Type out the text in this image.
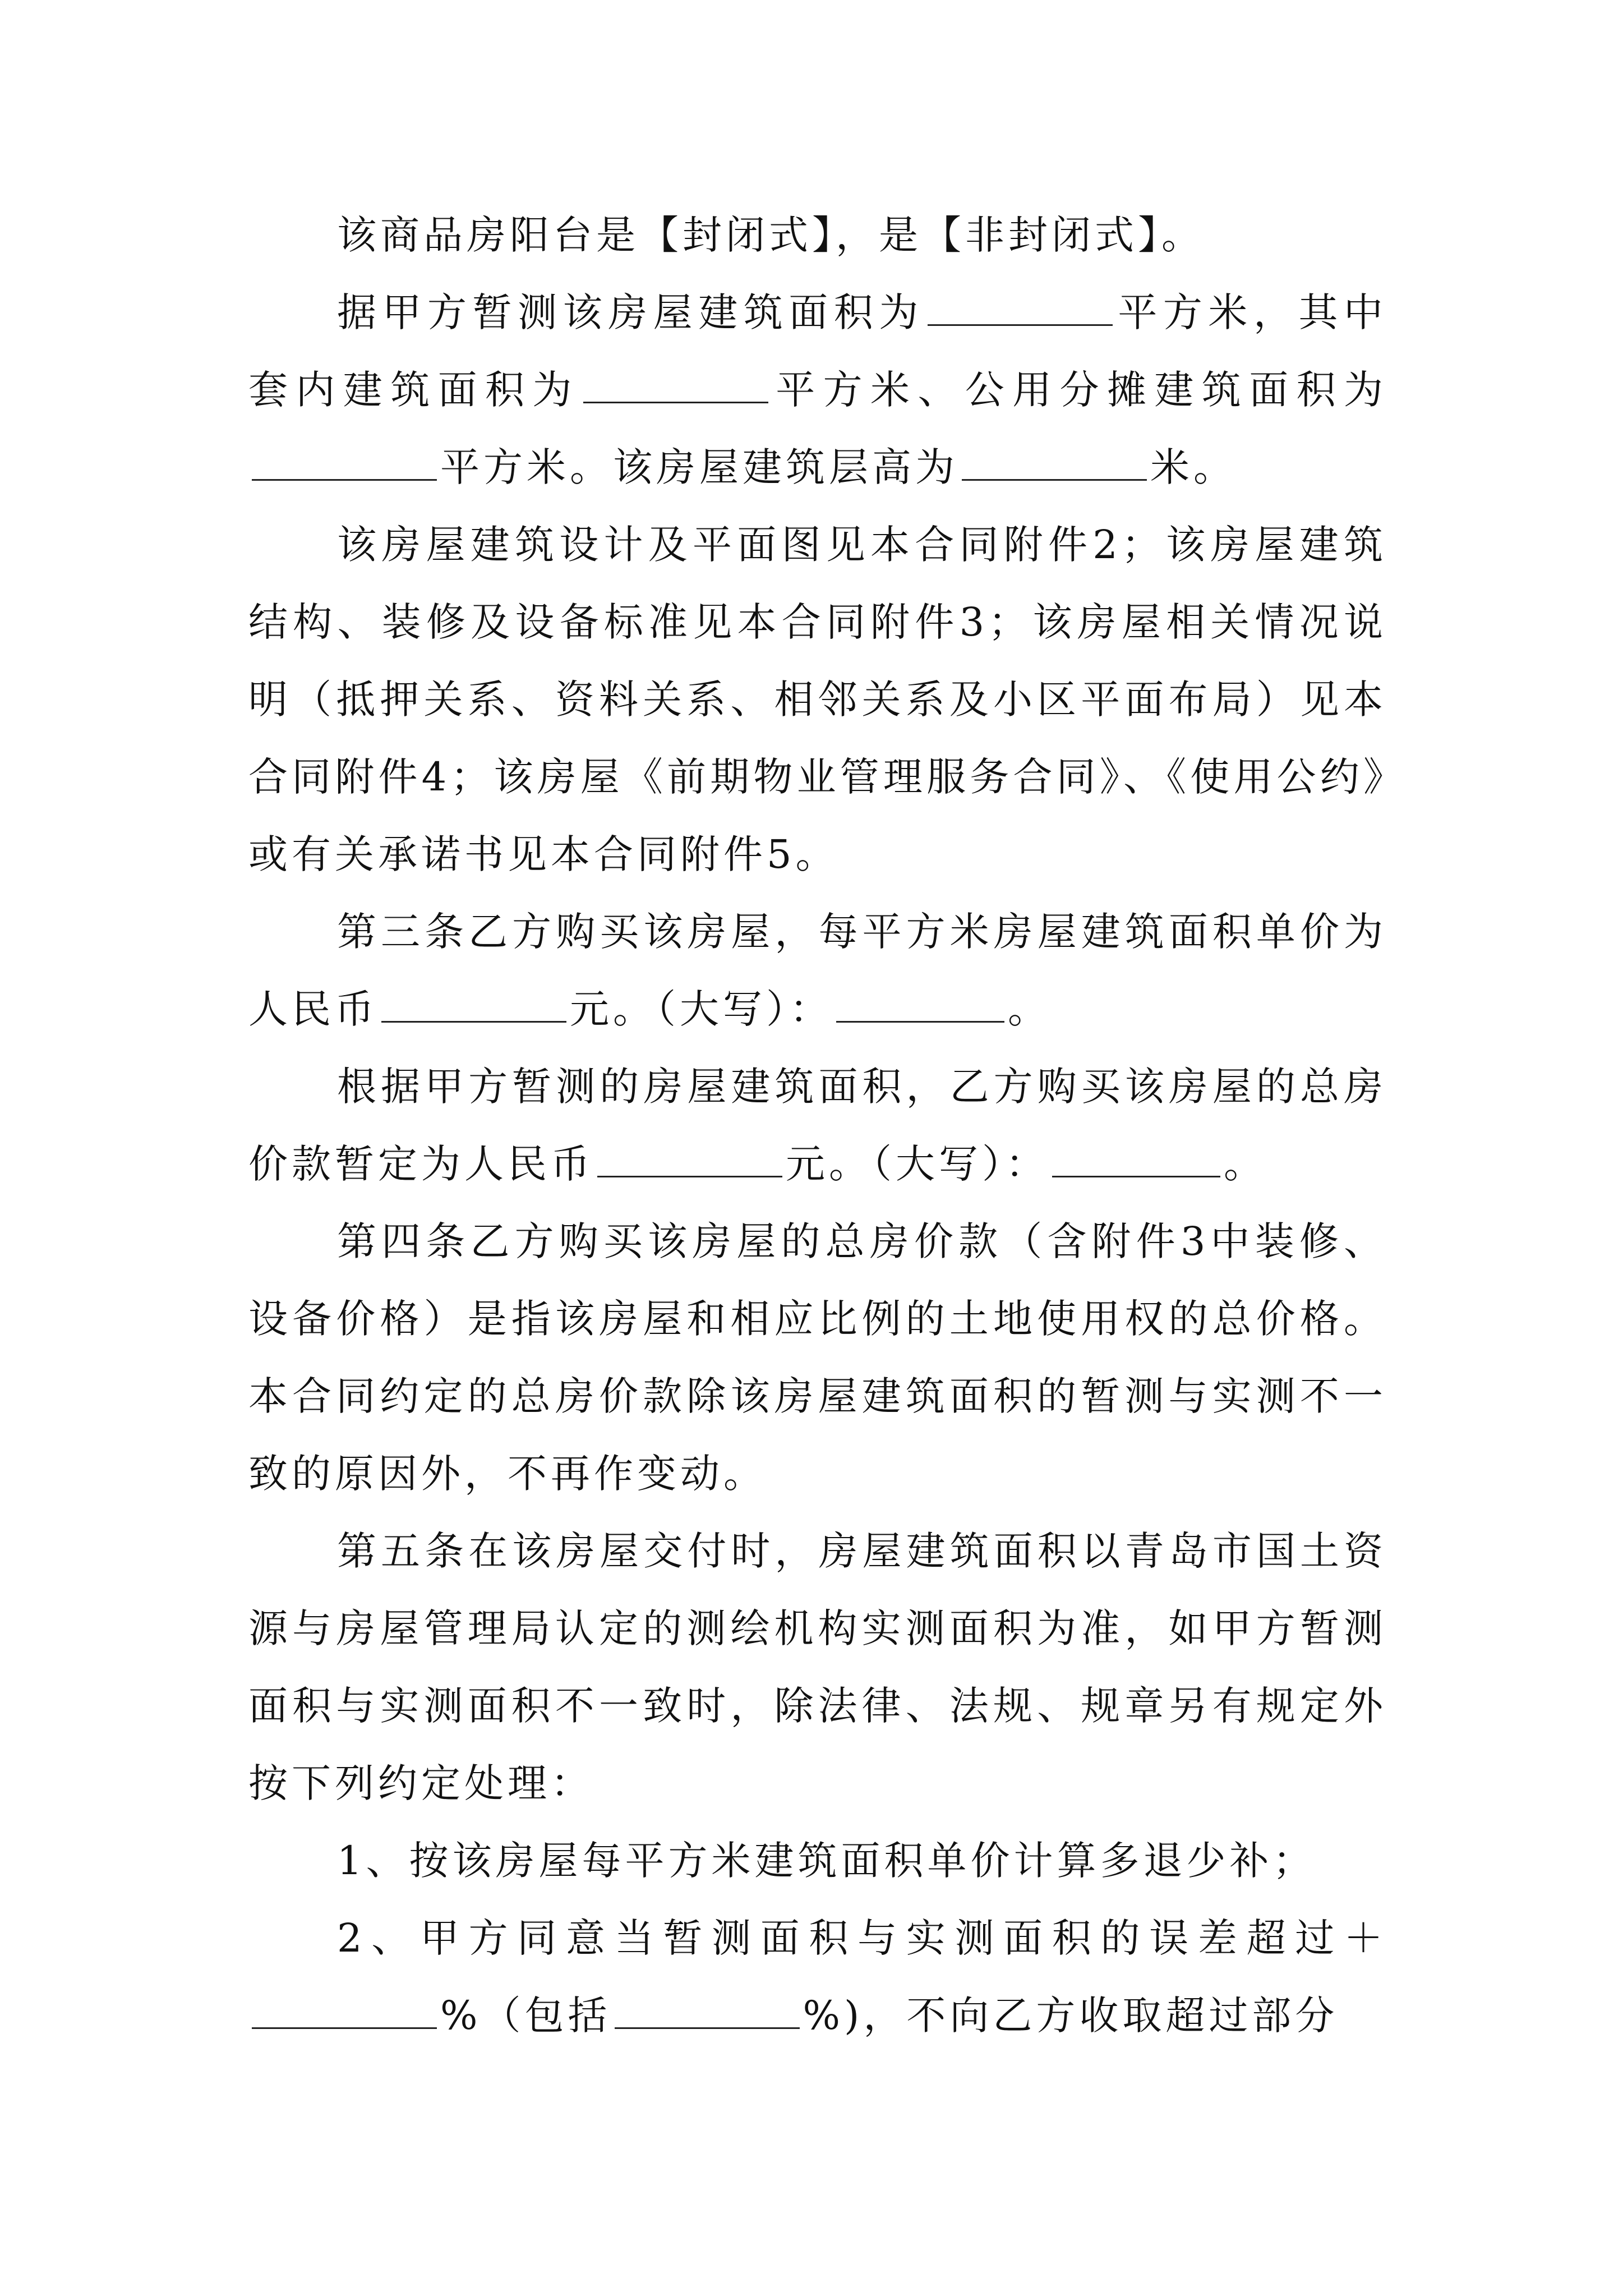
该商品房阳台是【封闭式】，是【非封闭式】。

据甲方暂测该房屋建筑面积为	平方米，其中套内建筑面积为	平方米、公用分摊建筑面积为平方米。该房屋建筑层高为	米。

该房屋建筑设计及平面图见本合同附件2；该房屋建筑结构、装修及设备标准见本合同附件3；该房屋相关情况说明（抵押关系、资料关系、相邻关系及小区平面布局）见本合同附件4；该房屋《前期物业管理服务合同》、《使用公约》或有关承诺书见本合同附件5。

第三条乙方购买该房屋，每平方米房屋建筑面积单价为人民币	元。（大写）：	。

根据甲方暂测的房屋建筑面积，乙方购买该房屋的总房价款暂定为人民币	元。（大写）：	。

第四条乙方购买该房屋的总房价款（含附件3中装修、设备价格）是指该房屋和相应比例的土地使用权的总价格。本合同约定的总房价款除该房屋建筑面积的暂测与实测不一致的原因外，不再作变动。

第五条在该房屋交付时，房屋建筑面积以青岛市国土资源与房屋管理局认定的测绘机构实测面积为准，如甲方暂测面积与实测面积不一致时，除法律、法规、规章另有规定外按下列约定处理：

1、按该房屋每平方米建筑面积单价计算多退少补；

2、甲方同意当暂测面积与实测面积的误差超过＋%（包括	%)，不向乙方收取超过部分
